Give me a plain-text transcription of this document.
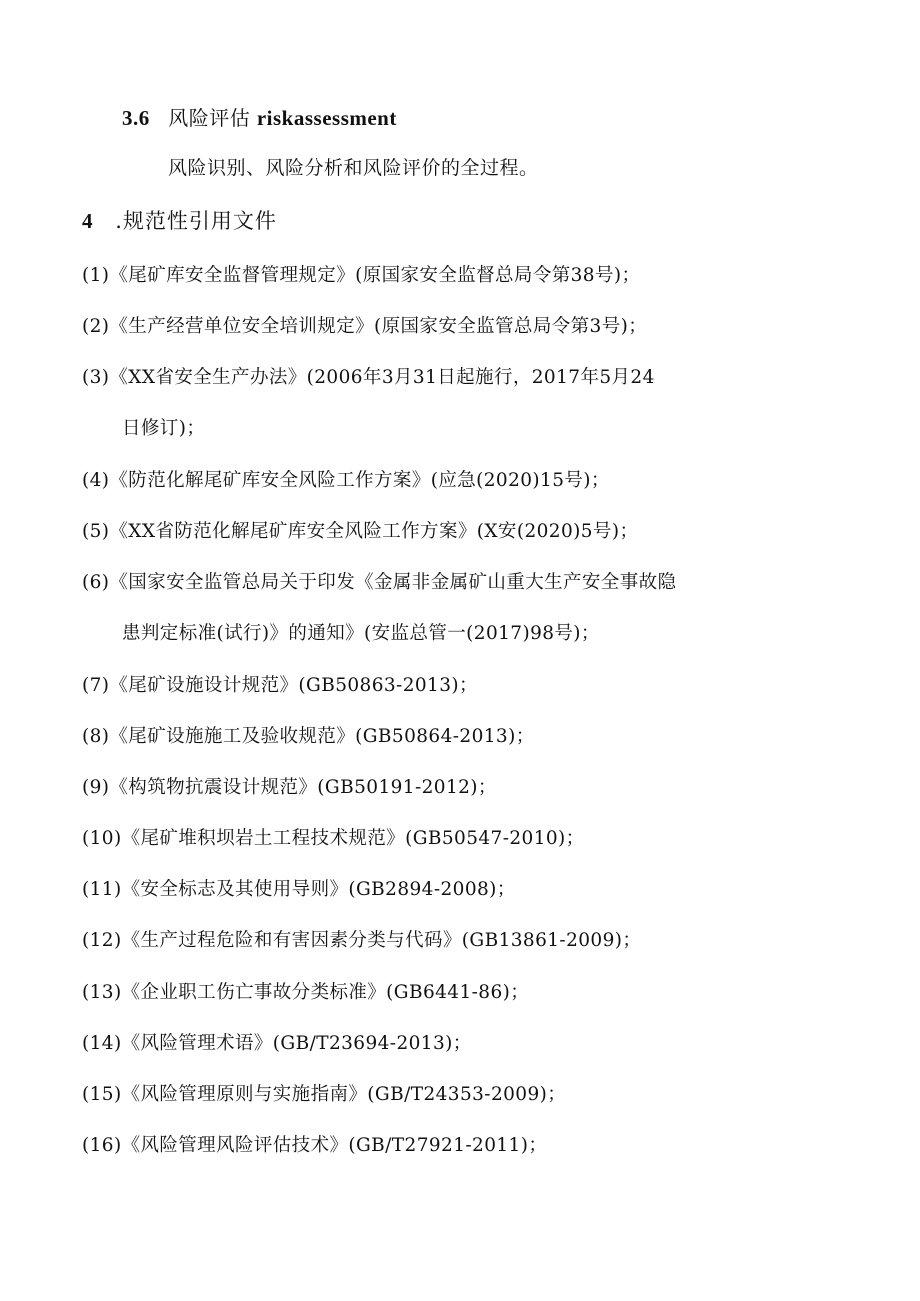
3.6 风险评估 riskassessment
风险识别、风险分析和风险评价的全过程。
4 .规范性引用文件
(1)《尾矿库安全监督管理规定》(原国家安全监督总局令第38号)；
(2)《生产经营单位安全培训规定》(原国家安全监管总局令第3号)；
(3)《XX省安全生产办法》(2006年3月31日起施行，2017年5月24
日修订)；
(4)《防范化解尾矿库安全风险工作方案》(应急(2020)15号)；
(5)《XX省防范化解尾矿库安全风险工作方案》(X安(2020)5号)；
(6)《国家安全监管总局关于印发《金属非金属矿山重大生产安全事故隐
患判定标准(试行)》的通知》(安监总管一(2017)98号)；
(7)《尾矿设施设计规范》(GB50863-2013)；
(8)《尾矿设施施工及验收规范》(GB50864-2013)；
(9)《构筑物抗震设计规范》(GB50191-2012)；
(10)《尾矿堆积坝岩土工程技术规范》(GB50547-2010)；
(11)《安全标志及其使用导则》(GB2894-2008)；
(12)《生产过程危险和有害因素分类与代码》(GB13861-2009)；
(13)《企业职工伤亡事故分类标准》(GB6441-86)；
(14)《风险管理术语》(GB/T23694-2013)；
(15)《风险管理原则与实施指南》(GB/T24353-2009)；
(16)《风险管理风险评估技术》(GB/T27921-2011)；
